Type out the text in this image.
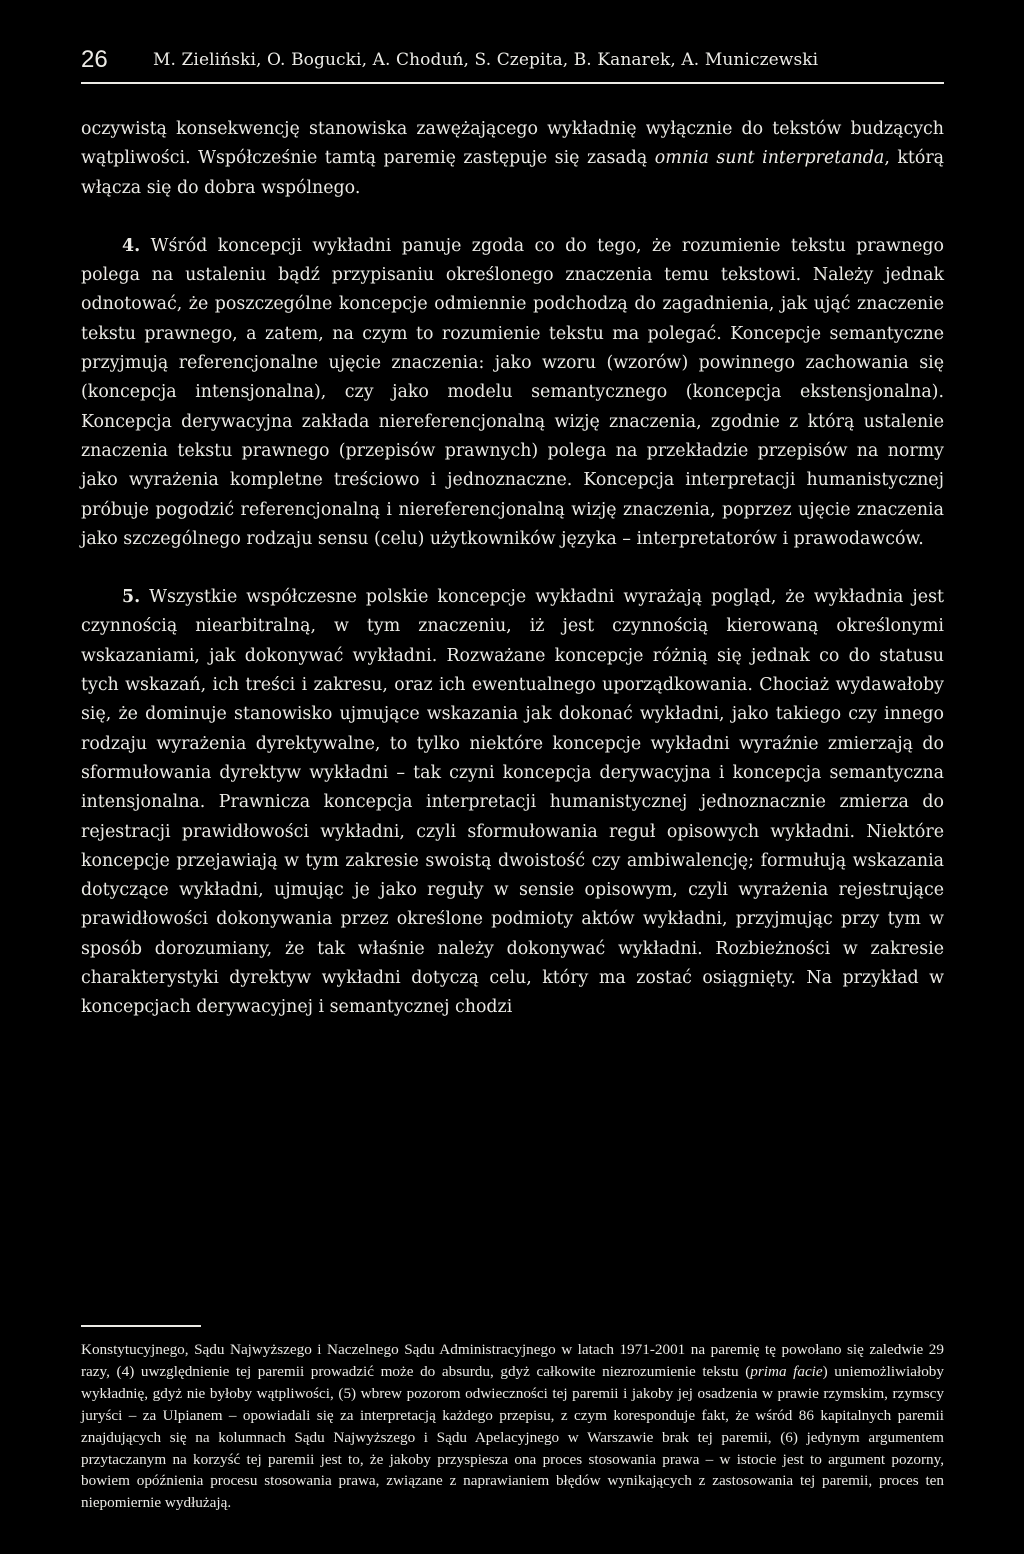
26	M. Zieliński, O. Bogucki, A. Choduń, S. Czepita, B. Kanarek, A. Municzewski

oczywistą konsekwencję stanowiska zawężającego wykładnię wyłącznie do tekstów budzących wątpliwości. Współcześnie tamtą paremię zastępuje się zasadą omnia sunt interpretanda, którą włącza się do dobra wspólnego.

4. Wśród koncepcji wykładni panuje zgoda co do tego, że rozumienie tekstu prawnego polega na ustaleniu bądź przypisaniu określonego znaczenia temu tekstowi. Należy jednak odnotować, że poszczególne koncepcje odmiennie podchodzą do zagadnienia, jak ująć znaczenie tekstu prawnego, a zatem, na czym to rozumienie tekstu ma polegać. Koncepcje semantyczne przyjmują referencjonalne ujęcie znaczenia: jako wzoru (wzorów) powinnego zachowania się (koncepcja intensjonalna), czy jako modelu semantycznego (koncepcja ekstensjonalna). Koncepcja derywacyjna zakłada niereferencjonalną wizję znaczenia, zgodnie z którą ustalenie znaczenia tekstu prawnego (przepisów prawnych) polega na przekładzie przepisów na normy jako wyrażenia kompletne treściowo i jednoznaczne. Koncepcja interpretacji humanistycznej próbuje pogodzić referencjonalną i niereferencjonalną wizję znaczenia, poprzez ujęcie znaczenia jako szczególnego rodzaju sensu (celu) użytkowników języka – interpretatorów i prawodawców.

5. Wszystkie współczesne polskie koncepcje wykładni wyrażają pogląd, że wykładnia jest czynnością niearbitralną, w tym znaczeniu, iż jest czynnością kierowaną określonymi wskazaniami, jak dokonywać wykładni. Rozważane koncepcje różnią się jednak co do statusu tych wskazań, ich treści i zakresu, oraz ich ewentualnego uporządkowania. Chociaż wydawałoby się, że dominuje stanowisko ujmujące wskazania jak dokonać wykładni, jako takiego czy innego rodzaju wyrażenia dyrektywalne, to tylko niektóre koncepcje wykładni wyraźnie zmierzają do sformułowania dyrektyw wykładni – tak czyni koncepcja derywacyjna i koncepcja semantyczna intensjonalna. Prawnicza koncepcja interpretacji humanistycznej jednoznacznie zmierza do rejestracji prawidłowości wykładni, czyli sformułowania reguł opisowych wykładni. Niektóre koncepcje przejawiają w tym zakresie swoistą dwoistość czy ambiwalencję; formułują wskazania dotyczące wykładni, ujmując je jako reguły w sensie opisowym, czyli wyrażenia rejestrujące prawidłowości dokonywania przez określone podmioty aktów wykładni, przyjmując przy tym w sposób dorozumiany, że tak właśnie należy dokonywać wykładni. Rozbieżności w zakresie charakterystyki dyrektyw wykładni dotyczą celu, który ma zostać osiągnięty. Na przykład w koncepcjach derywacyjnej i semantycznej chodzi

Konstytucyjnego, Sądu Najwyższego i Naczelnego Sądu Administracyjnego w latach 1971-2001 na paremię tę powołano się zaledwie 29 razy, (4) uwzględnienie tej paremii prowadzić może do absurdu, gdyż całkowite niezrozumienie tekstu (prima facie) uniemożliwiałoby wykładnię, gdyż nie byłoby wątpliwości, (5) wbrew pozorom odwieczności tej paremii i jakoby jej osadzenia w prawie rzymskim, rzymscy juryści – za Ulpianem – opowiadali się za interpretacją każdego przepisu, z czym koresponduje fakt, że wśród 86 kapitalnych paremii znajdujących się na kolumnach Sądu Najwyższego i Sądu Apelacyjnego w Warszawie brak tej paremii, (6) jedynym argumentem przytaczanym na korzyść tej paremii jest to, że jakoby przyspiesza ona proces stosowania prawa – w istocie jest to argument pozorny, bowiem opóźnienia procesu stosowania prawa, związane z naprawianiem błędów wynikających z zastosowania tej paremii, proces ten niepomiernie wydłużają.
